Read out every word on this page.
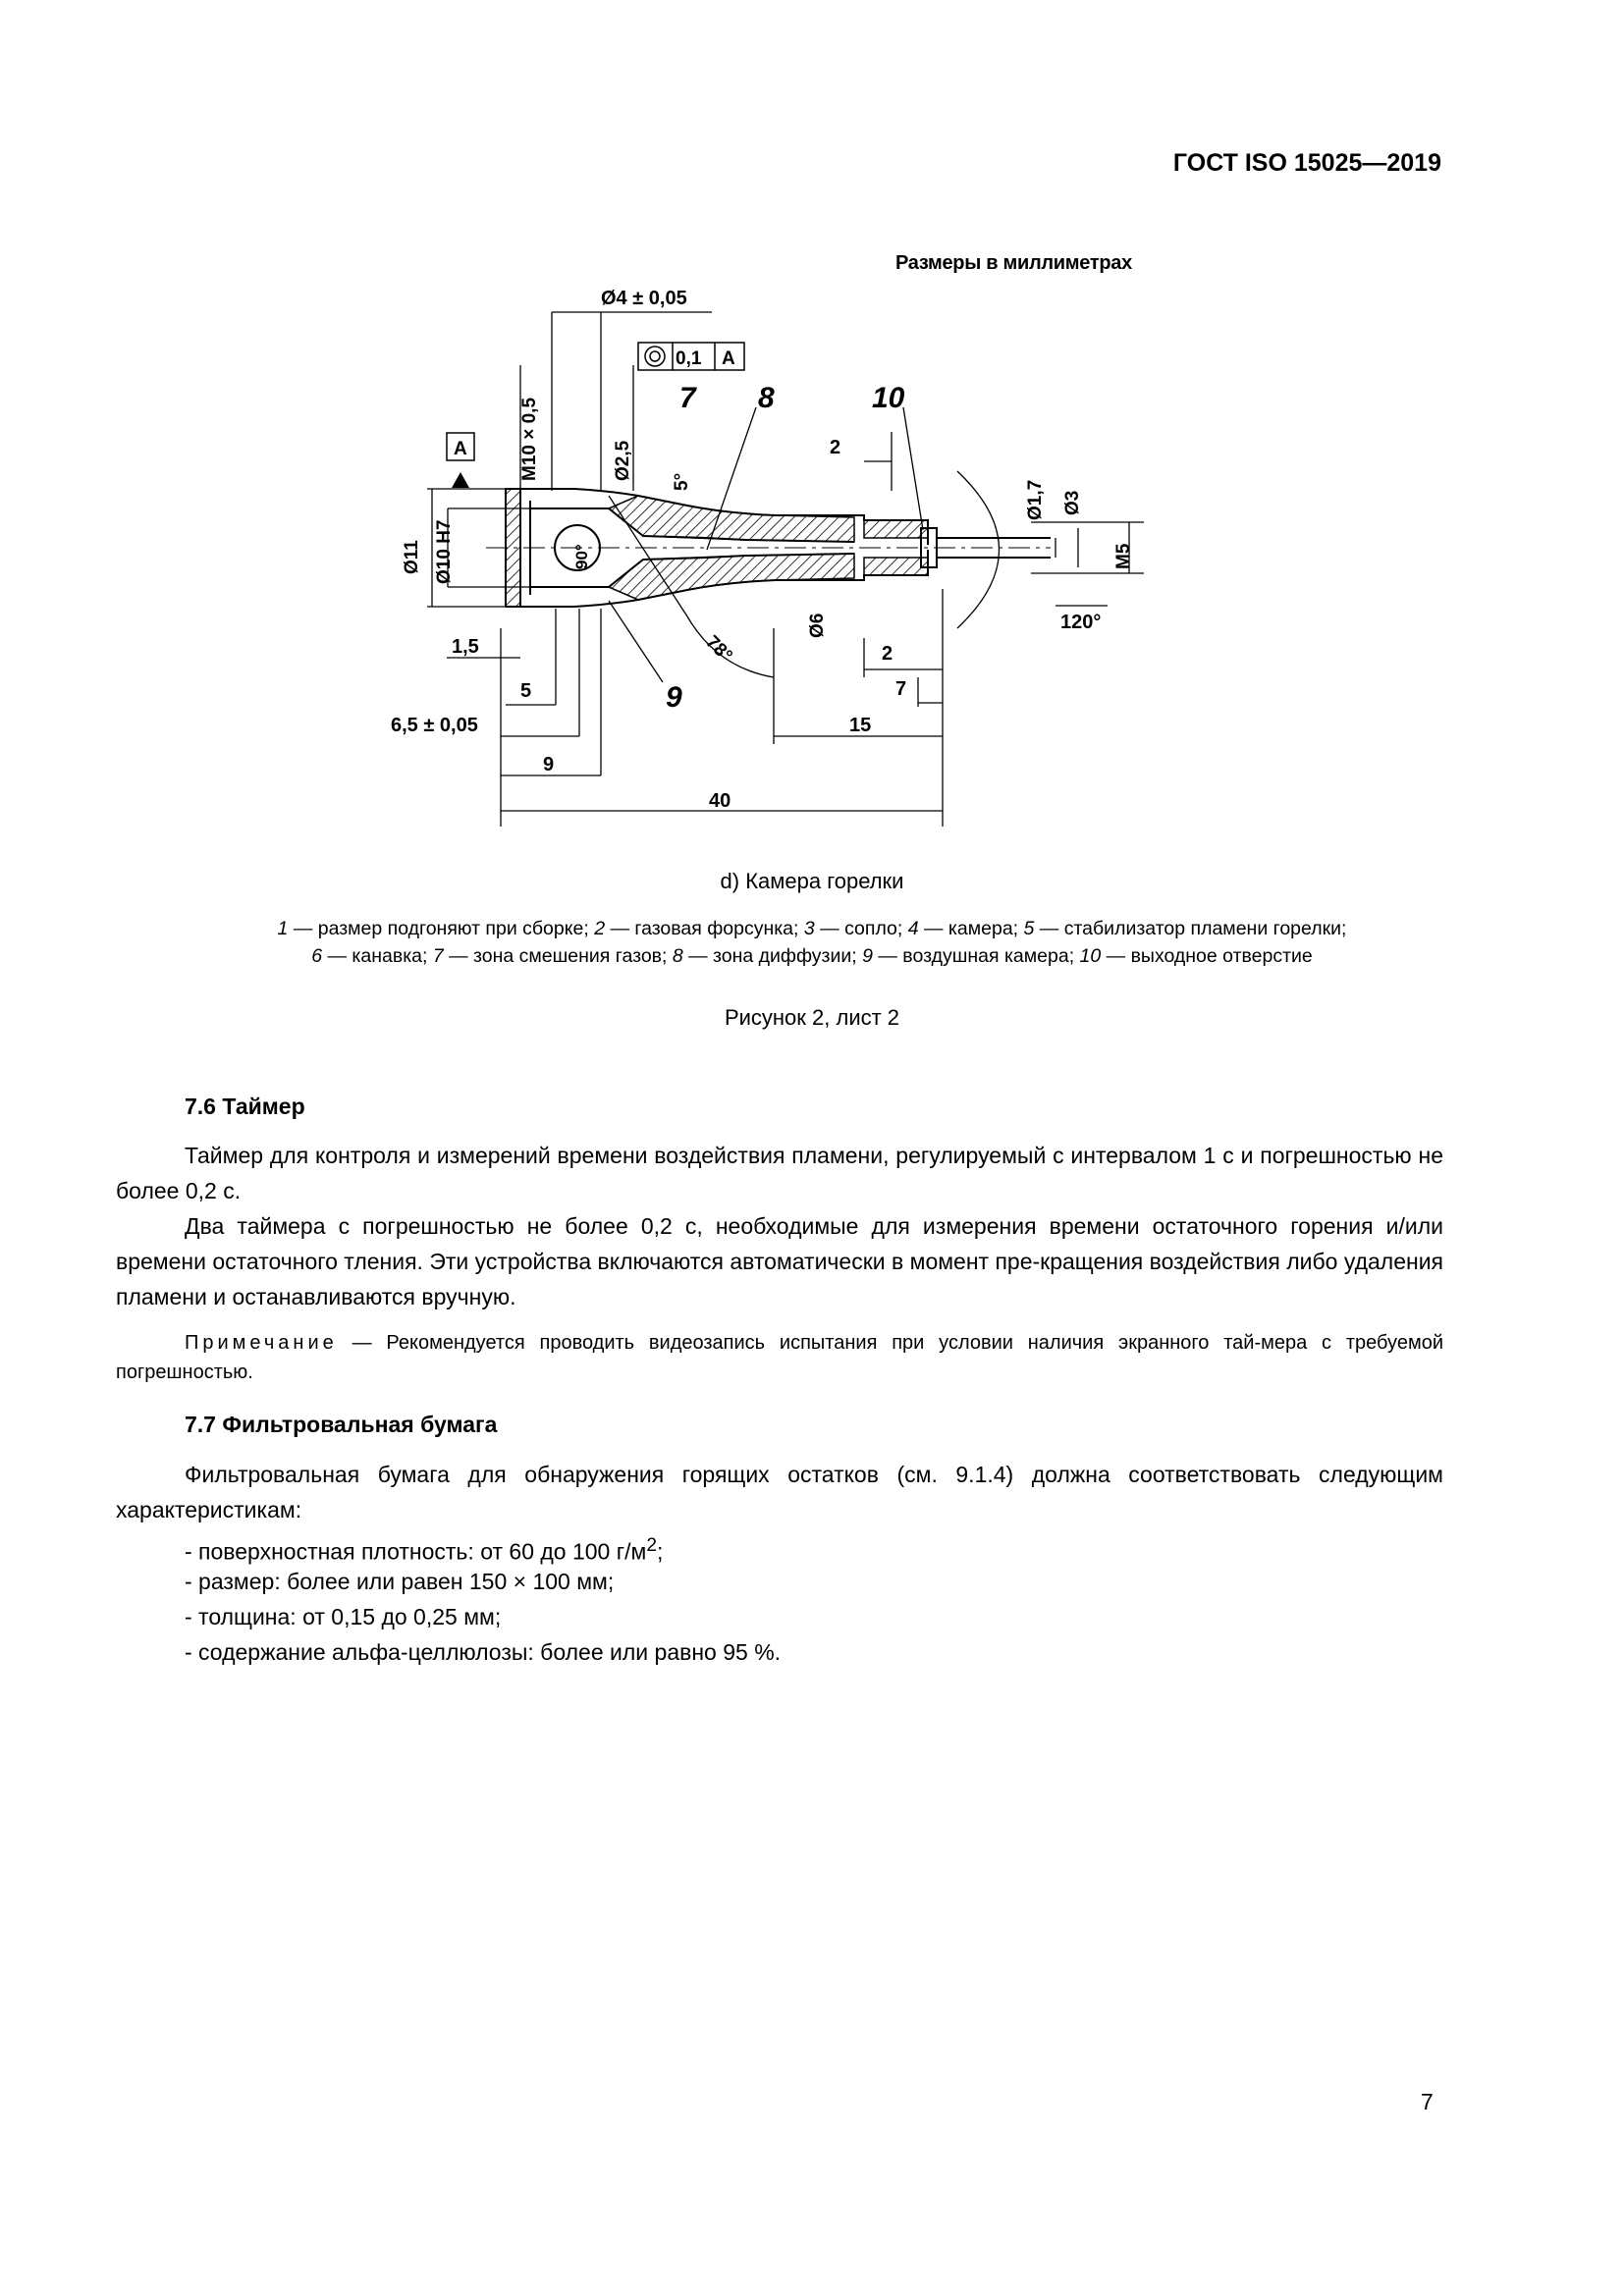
ГОСТ ISO 15025—2019
Размеры в миллиметрах
Ø4 ± 0,05
0,1 A
A	M10 × 0,5	Ø2,5
5°	Ø1,7 Ø3
M5
Ø11 Ø10 H7	90°
78°
Ø6	120°
1,5
5
6,5 ± 0,05
9
40
2
2
7
15
7 8
9
10
d) Камера горелки
1 — размер подгоняют при сборке; 2 — газовая форсунка; 3 — сопло; 4 — камера; 5 — стабилизатор пламени горелки;
6 — канавка; 7 — зона смешения газов; 8 — зона диффузии; 9 — воздушная камера; 10 — выходное отверстие
Рисунок 2, лист 2
7.6 Таймер
Таймер для контроля и измерений времени воздействия пламени, регулируемый с интервалом 1 с и погрешностью не более 0,2 с.
Два таймера с погрешностью не более 0,2 с, необходимые для измерения времени остаточного горения и/или времени остаточного тления. Эти устройства включаются автоматически в момент пре-кращения воздействия либо удаления пламени и останавливаются вручную.
Примечание — Рекомендуется проводить видеозапись испытания при условии наличия экранного тай-мера с требуемой погрешностью.
7.7 Фильтровальная бумага
Фильтровальная бумага для обнаружения горящих остатков (см. 9.1.4) должна соответствовать следующим характеристикам:
- поверхностная плотность: от 60 до 100 $г/м^2$;
- размер: более или равен 150 × 100 мм;
- толщина: от 0,15 до 0,25 мм;
- содержание альфа-целлюлозы: более или равно 95 %.
7
